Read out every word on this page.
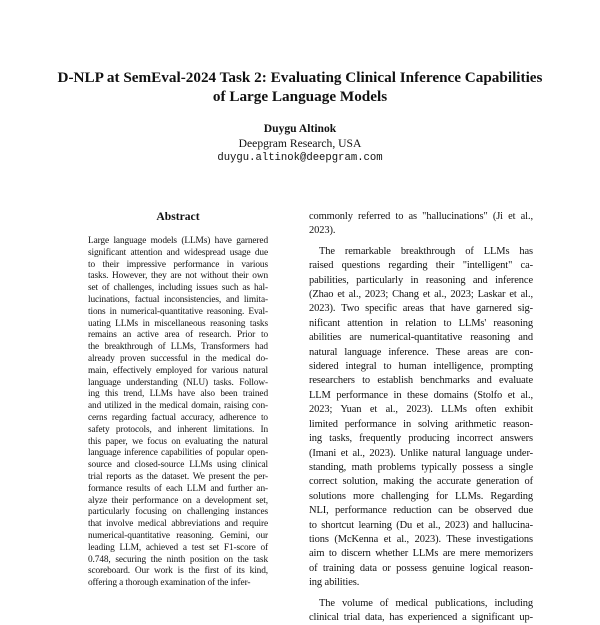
D-NLP at SemEval-2024 Task 2: Evaluating Clinical Inference Capabilities
of Large Language Models
Duygu Altinok
Deepgram Research, USA
duygu.altinok@deepgram.com
Abstract
Large language models (LLMs) have garnered
significant attention and widespread usage due
to their impressive performance in various
tasks. However, they are not without their own
set of challenges, including issues such as hal-
lucinations, factual inconsistencies, and limita-
tions in numerical-quantitative reasoning. Eval-
uating LLMs in miscellaneous reasoning tasks
remains an active area of research. Prior to
the breakthrough of LLMs, Transformers had
already proven successful in the medical do-
main, effectively employed for various natural
language understanding (NLU) tasks. Follow-
ing this trend, LLMs have also been trained
and utilized in the medical domain, raising con-
cerns regarding factual accuracy, adherence to
safety protocols, and inherent limitations. In
this paper, we focus on evaluating the natural
language inference capabilities of popular open-
source and closed-source LLMs using clinical
trial reports as the dataset. We present the per-
formance results of each LLM and further an-
alyze their performance on a development set,
particularly focusing on challenging instances
that involve medical abbreviations and require
numerical-quantitative reasoning. Gemini, our
leading LLM, achieved a test set F1-score of
0.748, securing the ninth position on the task
scoreboard. Our work is the first of its kind,
offering a thorough examination of the infer-
commonly referred to as "hallucinations" (Ji et al.,
2023).
The remarkable breakthrough of LLMs has
raised questions regarding their "intelligent" ca-
pabilities, particularly in reasoning and inference
(Zhao et al., 2023; Chang et al., 2023; Laskar et al.,
2023). Two specific areas that have garnered sig-
nificant attention in relation to LLMs' reasoning
abilities are numerical-quantitative reasoning and
natural language inference. These areas are con-
sidered integral to human intelligence, prompting
researchers to establish benchmarks and evaluate
LLM performance in these domains (Stolfo et al.,
2023; Yuan et al., 2023). LLMs often exhibit
limited performance in solving arithmetic reason-
ing tasks, frequently producing incorrect answers
(Imani et al., 2023). Unlike natural language under-
standing, math problems typically possess a single
correct solution, making the accurate generation of
solutions more challenging for LLMs. Regarding
NLI, performance reduction can be observed due
to shortcut learning (Du et al., 2023) and hallucina-
tions (McKenna et al., 2023). These investigations
aim to discern whether LLMs are mere memorizers
of training data or possess genuine logical reason-
ing abilities.
The volume of medical publications, including
clinical trial data, has experienced a significant up-
